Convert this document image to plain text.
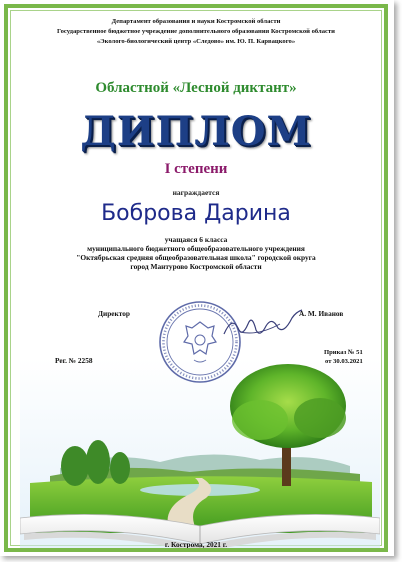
Департамент образования и науки Костромской области
Государственное бюджетное учреждение дополнительного образования Костромской области
«Эколого-биологический центр «Следово» им. Ю. П. Карвацкого»
Областной «Лесной диктант»
ДИПЛОМ
I степени
награждается
Боброва Дарина
учащаяся 6 класса
муниципального бюджетного общеобразовательного учреждения
"Октябрьская средняя общеобразовательная школа" городской округа
город Мантурово Костромской области
Директор	А. М. Иванов
Рег. № 2258
Приказ № 51
от 30.03.2021
г. Кострома, 2021 г.
